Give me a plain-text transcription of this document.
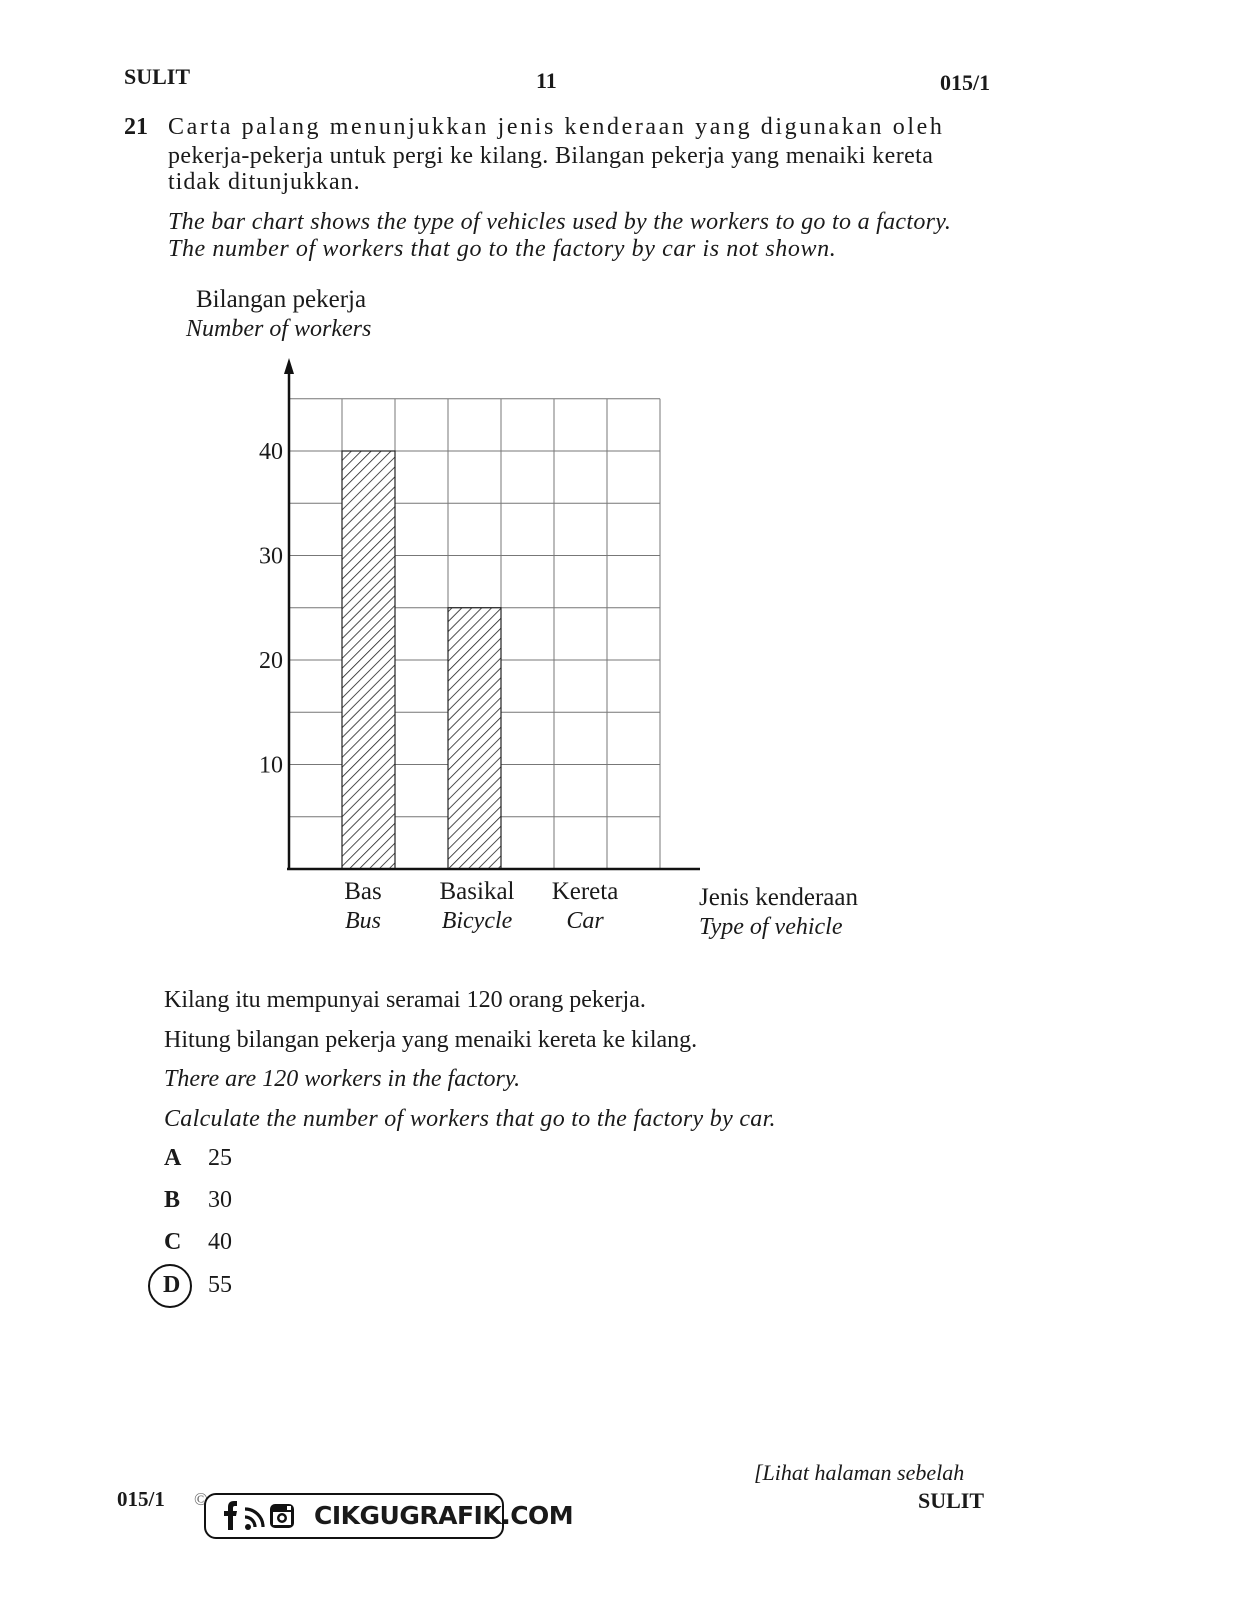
SULIT	11	015/1
21 Carta palang menunjukkan jenis kenderaan yang digunakan oleh
pekerja-pekerja untuk pergi ke kilang. Bilangan pekerja yang menaiki kereta
tidak ditunjukkan.
The bar chart shows the type of vehicles used by the workers to go to a factory.
The number of workers that go to the factory by car is not shown.
Bilangan pekerja
Number of workers
10
20
30
40
Bas
Bus
Basikal
Bicycle
Kereta
Car
Jenis kenderaan
Type of vehicle
Kilang itu mempunyai seramai 120 orang pekerja.
Hitung bilangan pekerja yang menaiki kereta ke kilang.
There are 120 workers in the factory.
Calculate the number of workers that go to the factory by car.
A 25
B 30
C 40
D 55
015/1 ©
CIKGUGRAFIK.COM
[Lihat halaman sebelah
SULIT
